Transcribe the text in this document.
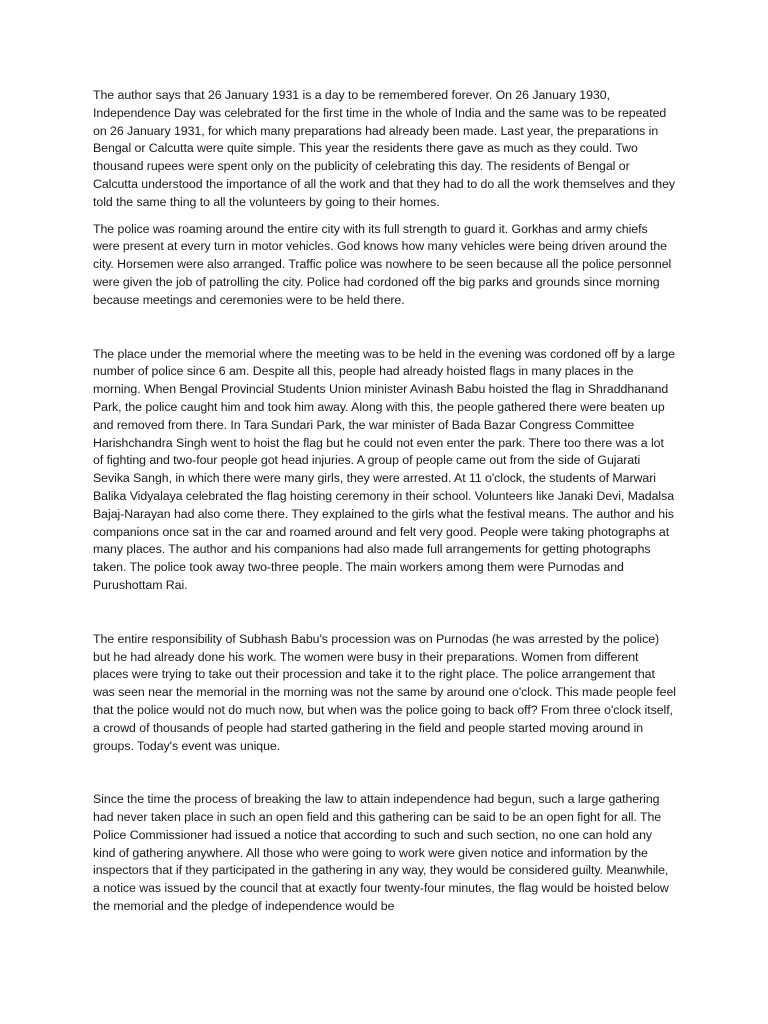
The author says that 26 January 1931 is a day to be remembered forever. On 26 January 1930, Independence Day was celebrated for the first time in the whole of India and the same was to be repeated on 26 January 1931, for which many preparations had already been made. Last year, the preparations in Bengal or Calcutta were quite simple. This year the residents there gave as much as they could. Two thousand rupees were spent only on the publicity of celebrating this day. The residents of Bengal or Calcutta understood the importance of all the work and that they had to do all the work themselves and they told the same thing to all the volunteers by going to their homes.

The police was roaming around the entire city with its full strength to guard it. Gorkhas and army chiefs were present at every turn in motor vehicles. God knows how many vehicles were being driven around the city. Horsemen were also arranged. Traffic police was nowhere to be seen because all the police personnel were given the job of patrolling the city. Police had cordoned off the big parks and grounds since morning because meetings and ceremonies were to be held there.

The place under the memorial where the meeting was to be held in the evening was cordoned off by a large number of police since 6 am. Despite all this, people had already hoisted flags in many places in the morning. When Bengal Provincial Students Union minister Avinash Babu hoisted the flag in Shraddhanand Park, the police caught him and took him away. Along with this, the people gathered there were beaten up and removed from there. In Tara Sundari Park, the war minister of Bada Bazar Congress Committee Harishchandra Singh went to hoist the flag but he could not even enter the park. There too there was a lot of fighting and two-four people got head injuries. A group of people came out from the side of Gujarati Sevika Sangh, in which there were many girls, they were arrested. At 11 o'clock, the students of Marwari Balika Vidyalaya celebrated the flag hoisting ceremony in their school. Volunteers like Janaki Devi, Madalsa Bajaj-Narayan had also come there. They explained to the girls what the festival means. The author and his companions once sat in the car and roamed around and felt very good. People were taking photographs at many places. The author and his companions had also made full arrangements for getting photographs taken. The police took away two-three people. The main workers among them were Purnodas and Purushottam Rai.

The entire responsibility of Subhash Babu's procession was on Purnodas (he was arrested by the police) but he had already done his work. The women were busy in their preparations. Women from different places were trying to take out their procession and take it to the right place. The police arrangement that was seen near the memorial in the morning was not the same by around one o'clock. This made people feel that the police would not do much now, but when was the police going to back off? From three o'clock itself, a crowd of thousands of people had started gathering in the field and people started moving around in groups. Today's event was unique.

Since the time the process of breaking the law to attain independence had begun, such a large gathering had never taken place in such an open field and this gathering can be said to be an open fight for all. The Police Commissioner had issued a notice that according to such and such section, no one can hold any kind of gathering anywhere. All those who were going to work were given notice and information by the inspectors that if they participated in the gathering in any way, they would be considered guilty. Meanwhile, a notice was issued by the council that at exactly four twenty-four minutes, the flag would be hoisted below the memorial and the pledge of independence would be
